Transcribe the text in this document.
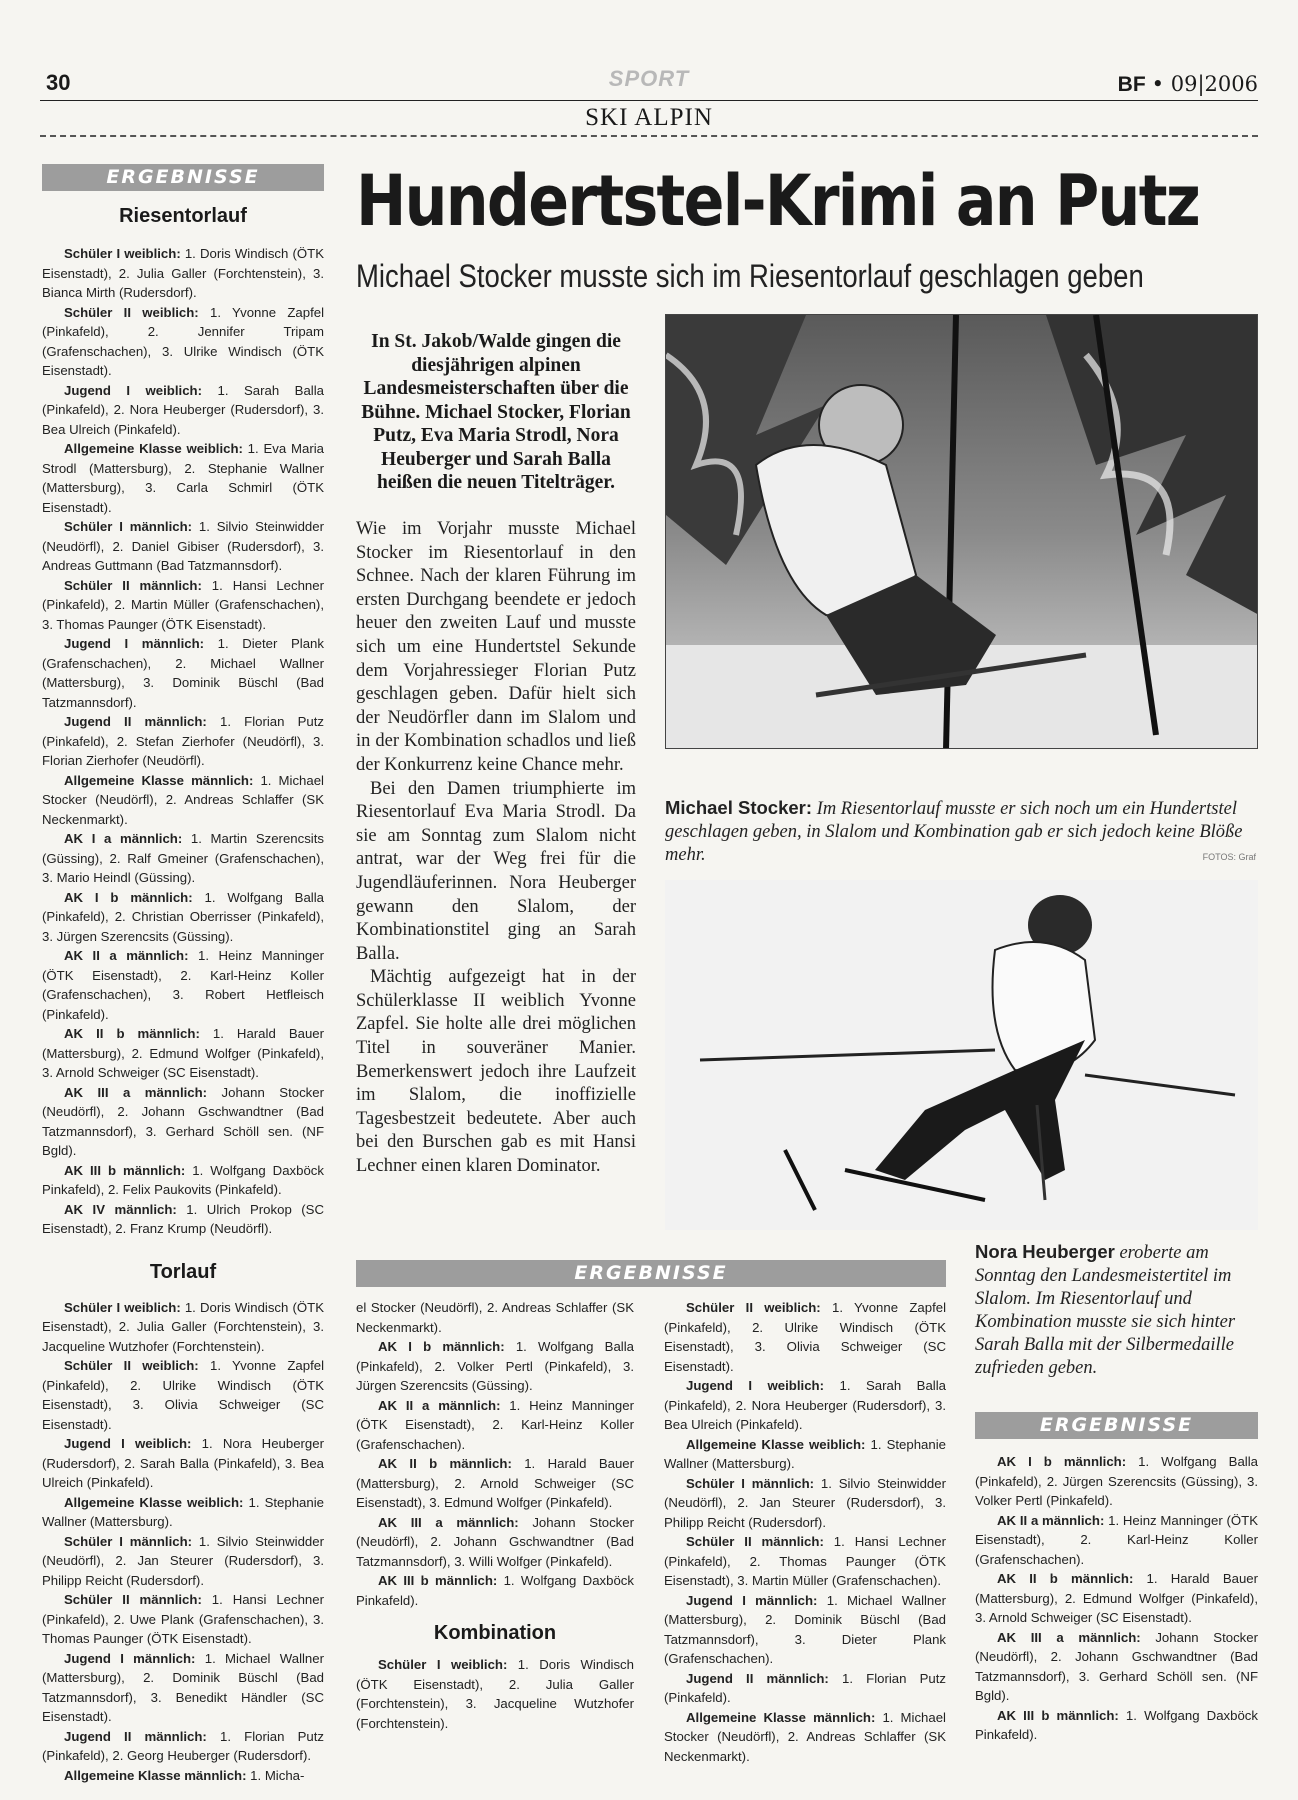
30	SPORT	BF • 09|2006
SKI ALPIN
ERGEBNISSE
Riesentorlauf

Schüler I weiblich: 1. Doris Windisch (ÖTK Eisenstadt), 2. Julia Galler (Forchtenstein), 3. Bianca Mirth (Rudersdorf).

Schüler II weiblich: 1. Yvonne Zapfel (Pinkafeld), 2. Jennifer Tripam (Grafenschachen), 3. Ulrike Windisch (ÖTK Eisenstadt).

Jugend I weiblich: 1. Sarah Balla (Pinkafeld), 2. Nora Heuberger (Rudersdorf), 3. Bea Ulreich (Pinkafeld).

Allgemeine Klasse weiblich: 1. Eva Maria Strodl (Mattersburg), 2. Stephanie Wallner (Mattersburg), 3. Carla Schmirl (ÖTK Eisenstadt).

Schüler I männlich: 1. Silvio Steinwidder (Neudörfl), 2. Daniel Gibiser (Rudersdorf), 3. Andreas Guttmann (Bad Tatzmannsdorf).

Schüler II männlich: 1. Hansi Lechner (Pinkafeld), 2. Martin Müller (Grafenschachen), 3. Thomas Paunger (ÖTK Eisenstadt).

Jugend I männlich: 1. Dieter Plank (Grafenschachen), 2. Michael Wallner (Mattersburg), 3. Dominik Büschl (Bad Tatzmannsdorf).

Jugend II männlich: 1. Florian Putz (Pinkafeld), 2. Stefan Zierhofer (Neudörfl), 3. Florian Zierhofer (Neudörfl).

Allgemeine Klasse männlich: 1. Michael Stocker (Neudörfl), 2. Andreas Schlaffer (SK Neckenmarkt).

AK I a männlich: 1. Martin Szerencsits (Güssing), 2. Ralf Gmeiner (Grafenschachen), 3. Mario Heindl (Güssing).

AK I b männlich: 1. Wolfgang Balla (Pinkafeld), 2. Christian Oberrisser (Pinkafeld), 3. Jürgen Szerencsits (Güssing).

AK II a männlich: 1. Heinz Manninger (ÖTK Eisenstadt), 2. Karl-Heinz Koller (Grafenschachen), 3. Robert Hetfleisch (Pinkafeld).

AK II b männlich: 1. Harald Bauer (Mattersburg), 2. Edmund Wolfger (Pinkafeld), 3. Arnold Schweiger (SC Eisenstadt).

AK III a männlich: Johann Stocker (Neudörfl), 2. Johann Gschwandtner (Bad Tatzmannsdorf), 3. Gerhard Schöll sen. (NF Bgld).

AK III b männlich: 1. Wolfgang Daxböck Pinkafeld), 2. Felix Paukovits (Pinkafeld).

AK IV männlich: 1. Ulrich Prokop (SC Eisenstadt), 2. Franz Krump (Neudörfl).

Torlauf

Schüler I weiblich: 1. Doris Windisch (ÖTK Eisenstadt), 2. Julia Galler (Forchtenstein), 3. Jacqueline Wutzhofer (Forchtenstein).

Schüler II weiblich: 1. Yvonne Zapfel (Pinkafeld), 2. Ulrike Windisch (ÖTK Eisenstadt), 3. Olivia Schweiger (SC Eisenstadt).

Jugend I weiblich: 1. Nora Heuberger (Rudersdorf), 2. Sarah Balla (Pinkafeld), 3. Bea Ulreich (Pinkafeld).

Allgemeine Klasse weiblich: 1. Stephanie Wallner (Mattersburg).

Schüler I männlich: 1. Silvio Steinwidder (Neudörfl), 2. Jan Steurer (Rudersdorf), 3. Philipp Reicht (Rudersdorf).

Schüler II männlich: 1. Hansi Lechner (Pinkafeld), 2. Uwe Plank (Grafenschachen), 3. Thomas Paunger (ÖTK Eisenstadt).

Jugend I männlich: 1. Michael Wallner (Mattersburg), 2. Dominik Büschl (Bad Tatzmannsdorf), 3. Benedikt Händler (SC Eisenstadt).

Jugend II männlich: 1. Florian Putz (Pinkafeld), 2. Georg Heuberger (Rudersdorf).

Allgemeine Klasse männlich: 1. Micha-

Hundertstel-Krimi an Putz
Michael Stocker musste sich im Riesentorlauf geschlagen geben
In St. Jakob/Walde gingen die diesjährigen alpinen Landesmeisterschaften über die Bühne. Michael Stocker, Florian Putz, Eva Maria Strodl, Nora Heuberger und Sarah Balla heißen die neuen Titelträger.

Wie im Vorjahr musste Michael Stocker im Riesentorlauf in den Schnee. Nach der klaren Führung im ersten Durchgang beendete er jedoch heuer den zweiten Lauf und musste sich um eine Hundertstel Sekunde dem Vorjahressieger Florian Putz geschlagen geben. Dafür hielt sich der Neudörfler dann im Slalom und in der Kombination schadlos und ließ der Konkurrenz keine Chance mehr.

Bei den Damen triumphierte im Riesentorlauf Eva Maria Strodl. Da sie am Sonntag zum Slalom nicht antrat, war der Weg frei für die Jugendläuferinnen. Nora Heuberger gewann den Slalom, der Kombinationstitel ging an Sarah Balla.

Mächtig aufgezeigt hat in der Schülerklasse II weiblich Yvonne Zapfel. Sie holte alle drei möglichen Titel in souveräner Manier. Bemerkenswert jedoch ihre Laufzeit im Slalom, die inoffizielle Tagesbestzeit bedeutete. Aber auch bei den Burschen gab es mit Hansi Lechner einen klaren Dominator.

Michael Stocker: Im Riesentorlauf musste er sich noch um ein Hundertstel geschlagen geben, in Slalom und Kombination gab er sich jedoch keine Blöße mehr.	FOTOS: Graf
Nora Heuberger eroberte am Sonntag den Landesmeistertitel im Slalom. Im Riesentorlauf und Kombination musste sie sich hinter Sarah Balla mit der Silbermedaille zufrieden geben.
ERGEBNISSE

el Stocker (Neudörfl), 2. Andreas Schlaffer (SK Neckenmarkt).

AK I b männlich: 1. Wolfgang Balla (Pinkafeld), 2. Volker Pertl (Pinkafeld), 3. Jürgen Szerencsits (Güssing).

AK II a männlich: 1. Heinz Manninger (ÖTK Eisenstadt), 2. Karl-Heinz Koller (Grafenschachen).

AK II b männlich: 1. Harald Bauer (Mattersburg), 2. Arnold Schweiger (SC Eisenstadt), 3. Edmund Wolfger (Pinkafeld).

AK III a männlich: Johann Stocker (Neudörfl), 2. Johann Gschwandtner (Bad Tatzmannsdorf), 3. Willi Wolfger (Pinkafeld).

AK III b männlich: 1. Wolfgang Daxböck Pinkafeld).

Kombination

Schüler I weiblich: 1. Doris Windisch (ÖTK Eisenstadt), 2. Julia Galler (Forchtenstein), 3. Jacqueline Wutzhofer (Forchtenstein).

Schüler II weiblich: 1. Yvonne Zapfel (Pinkafeld), 2. Ulrike Windisch (ÖTK Eisenstadt), 3. Olivia Schweiger (SC Eisenstadt).

Jugend I weiblich: 1. Sarah Balla (Pinkafeld), 2. Nora Heuberger (Rudersdorf), 3. Bea Ulreich (Pinkafeld).

Allgemeine Klasse weiblich: 1. Stephanie Wallner (Mattersburg).

Schüler I männlich: 1. Silvio Steinwidder (Neudörfl), 2. Jan Steurer (Rudersdorf), 3. Philipp Reicht (Rudersdorf).

Schüler II männlich: 1. Hansi Lechner (Pinkafeld), 2. Thomas Paunger (ÖTK Eisenstadt), 3. Martin Müller (Grafenschachen).

Jugend I männlich: 1. Michael Wallner (Mattersburg), 2. Dominik Büschl (Bad Tatzmannsdorf), 3. Dieter Plank (Grafenschachen).

Jugend II männlich: 1. Florian Putz (Pinkafeld).

Allgemeine Klasse männlich: 1. Michael Stocker (Neudörfl), 2. Andreas Schlaffer (SK Neckenmarkt).

ERGEBNISSE

AK I b männlich: 1. Wolfgang Balla (Pinkafeld), 2. Jürgen Szerencsits (Güssing), 3. Volker Pertl (Pinkafeld).

AK II a männlich: 1. Heinz Manninger (ÖTK Eisenstadt), 2. Karl-Heinz Koller (Grafenschachen).

AK II b männlich: 1. Harald Bauer (Mattersburg), 2. Edmund Wolfger (Pinkafeld), 3. Arnold Schweiger (SC Eisenstadt).

AK III a männlich: Johann Stocker (Neudörfl), 2. Johann Gschwandtner (Bad Tatzmannsdorf), 3. Gerhard Schöll sen. (NF Bgld).

AK III b männlich: 1. Wolfgang Daxböck Pinkafeld).
